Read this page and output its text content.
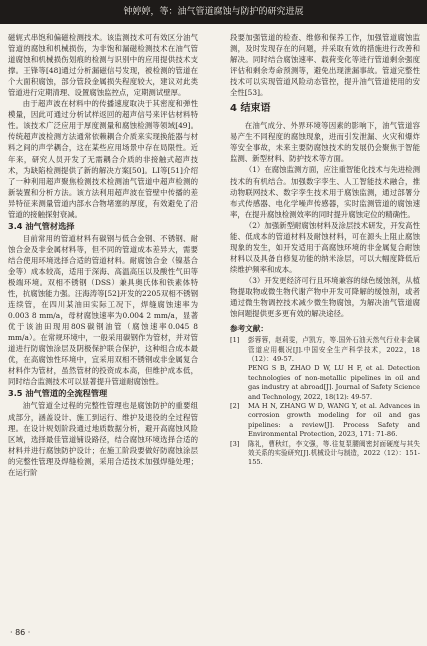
钟婷婷，等：油气管道腐蚀与防护的研究进展

磁轭式串饱和偏磁检测技术。该监测技术可有效区分油气管道的腐蚀和机械损伤，为非饱和漏磁检测技术在油气管道腐蚀和机械损伤划痕的检测与识别中的应用提供技术支撑。王锋等[48]通过分析漏磁信号发现，被检测的管道在个大面积腐蚀，部分管段金属损失程度较大，建议对此类管道进行定期清理、设置腐蚀监控点，定期测试壁厚。

由于超声波在材料中的传播速度取决于其密度和弹性模量，因此可通过分析试样返回的超声信号来评估材料特性。该技术广泛应用于厚度测量和腐蚀检测等领域[49]。传统超声波检测方法通常依赖耦合介质来实现换能器与材料之间的声学耦合，这在某些应用场景中存在局限性。近年来，研究人员开发了无需耦合介质的非接触式超声技术，为缺陷检测提供了新的解决方案[50]。LI等[51]介绍了一种利用超声聚焦检测技术检测油气管道中超声检测的新装置和分析方法。该方法利用超声波在管壁中传播的差异特征来测量管道内部水合物堵塞的厚度，有效避免了沿管道的接触探射衰减。

3.4 油气管材选择

目前常用的管道材料有碳钢与低合金钢、不锈钢、耐蚀合金及非金属材料等，但不同的管道成本差异大，需要结合使用环境选择合适的管道材料。耐腐蚀合金（镍基合金等）成本较高，适用于深海、高温高压以及酸性气田等极端环境。双相不锈钢（DSS）兼具奥氏体和铁素体特性，抗腐蚀能力强。汪海涛等[52]开发的2205双相不锈钢连续管，在四川某油田实际工况下，焊缝腐蚀速率为0.003 8 mm/a，母材腐蚀速率为0.004 2 mm/a，显著优于该油田现用80S碳钢油管（腐蚀速率0.045 8 mm/a）。在常规环境中，一般采用碳钢作为管材，并对管道进行防腐蚀涂层及阴极保护联合保护，这种组合成本最优，在高腐蚀性环境中，宜采用双相不锈钢或非金属复合材料作为管材，虽然管材的投资成本高，但维护成本低，同时结合监测技术可以显著提升管道耐腐蚀性。

3.5 油气管道的全流程管理

油气管道全过程的完整性管理也是腐蚀防护的重要组成部分，涵盖设计、施工到运行、维护及退役的全过程管理。在设计规划阶段通过地质数据分析，避开高腐蚀风险区域，选择最佳管道铺设路径，结合腐蚀环境选择合适的材料并进行腐蚀防护设计；在施工阶段要做好防腐蚀涂层的完整性管理及焊缝检测，采用合适技术加强焊缝处理；在运行阶

段要加强管道的检查、维修和保养工作，加强管道腐蚀监测，及时发现存在的问题，并采取有效的措施进行改善和解决。同时结合腐蚀速率、载荷变化等进行管道剩余强度评估和剩余寿命预测等，避免出现泄漏事故。管道完整性技术可以实现管道风险动态管控，提升油气管道使用的安全性[53]。

4 结束语

在油气成分、外界环境等因素的影响下，油气管道容易产生不同程度的腐蚀现象，进而引发泄漏、火灾和爆炸等安全事故，未来主要防腐蚀技术的发展仍会聚焦于智能监测、新型材料、防护技术等方面。

（1）在腐蚀监测方面，应注重智能化技术与先进检测技术的有机结合。加强数字孪生、人工智能技术融合，推动物联网技术、数字孪生技术用于腐蚀监测，通过部署分布式传感器、电化学噪声传感器，实时监测管道的腐蚀速率，在提升腐蚀检测效率的同时提升腐蚀定位的精确性。

（2）加强新型耐腐蚀材料及涂层技术研发，开发高性能、低成本的管道材料及耐蚀材料，可在源头上阻止腐蚀现象的发生，如开发适用于高腐蚀环境的非金属复合耐蚀材料以及具备自修复功能的纳米涂层，可以大幅度降低后续维护频率和成本。

（3）开发更经济可行且环境兼容的绿色缓蚀剂，从植物提取物或微生物代谢产物中开发可降解的缓蚀剂，或者通过微生物调控技术减少微生物腐蚀，为解决油气管道腐蚀问题提供更多更有效的解决途径。

参考文献：
[1]	彭蓉蓉，赵莉雯，卢凯方，等.国外石油天然气行业非金属管道应用概况[J].中国安全生产科学技术，2022，18（12）：49-57.
PENG S B, ZHAO D W, LU H F, et al. Detection technologies of non-metallic pipelines in oil and gas industry at abroad[J]. Journal of Safety Science and Technology, 2022, 18(12): 49-57.
[2]	MA H N, ZHANG W D, WANG Y, et al. Advances in corrosion growth modeling for oil and gas pipelines: a review[J]. Process Safety and Environmental Protection, 2023, 171: 71-86.
[3]	陈礼，曹秋红，李文强，等.往复泵腰阀密封面硬度与其失效关系的实验研究[J].机械设计与制造，2022（12）：151-155.
· 86 ·
